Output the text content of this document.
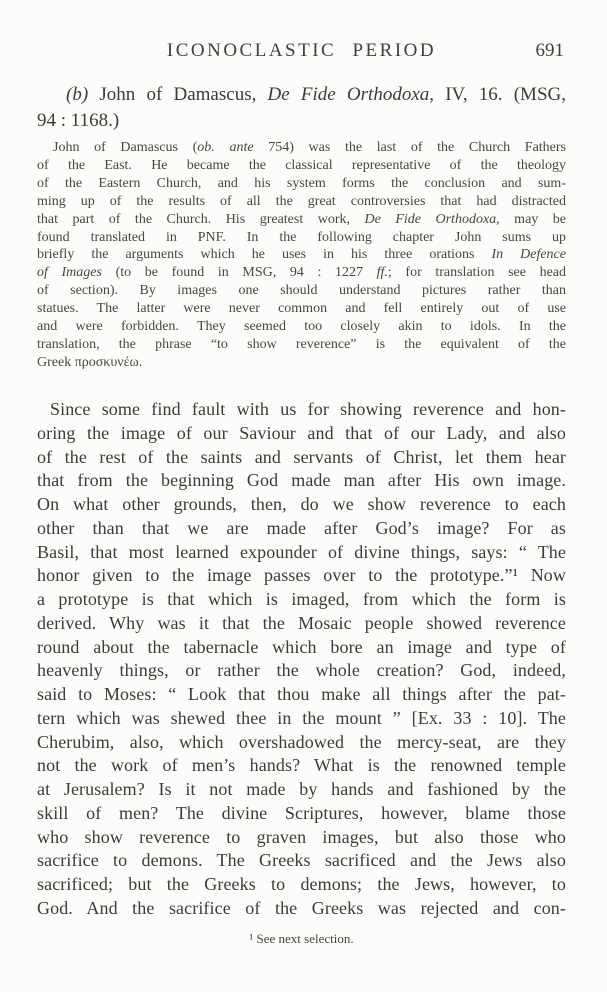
ICONOCLASTIC PERIOD	691
(b) John of Damascus, De Fide Orthodoxa, IV, 16. (MSG,
94 : 1168.)
John of Damascus (ob. ante 754) was the last of the Church Fathers
of the East. He became the classical representative of the theology
of the Eastern Church, and his system forms the conclusion and sum-
ming up of the results of all the great controversies that had distracted
that part of the Church. His greatest work, De Fide Orthodoxa, may be
found translated in PNF. In the following chapter John sums up
briefly the arguments which he uses in his three orations In Defence
of Images (to be found in MSG, 94 : 1227 ff.; for translation see head
of section). By images one should understand pictures rather than
statues. The latter were never common and fell entirely out of use
and were forbidden. They seemed too closely akin to idols. In the
translation, the phrase “to show reverence” is the equivalent of the
Greek προσκυνέω.
Since some find fault with us for showing reverence and hon-
oring the image of our Saviour and that of our Lady, and also
of the rest of the saints and servants of Christ, let them hear
that from the beginning God made man after His own image.
On what other grounds, then, do we show reverence to each
other than that we are made after God’s image? For as
Basil, that most learned expounder of divine things, says: “ The
honor given to the image passes over to the prototype.”¹ Now
a prototype is that which is imaged, from which the form is
derived. Why was it that the Mosaic people showed reverence
round about the tabernacle which bore an image and type of
heavenly things, or rather the whole creation? God, indeed,
said to Moses: “ Look that thou make all things after the pat-
tern which was shewed thee in the mount ” [Ex. 33 : 10]. The
Cherubim, also, which overshadowed the mercy-seat, are they
not the work of men’s hands? What is the renowned temple
at Jerusalem? Is it not made by hands and fashioned by the
skill of men? The divine Scriptures, however, blame those
who show reverence to graven images, but also those who
sacrifice to demons. The Greeks sacrificed and the Jews also
sacrificed; but the Greeks to demons; the Jews, however, to
God. And the sacrifice of the Greeks was rejected and con-
¹ See next selection.
